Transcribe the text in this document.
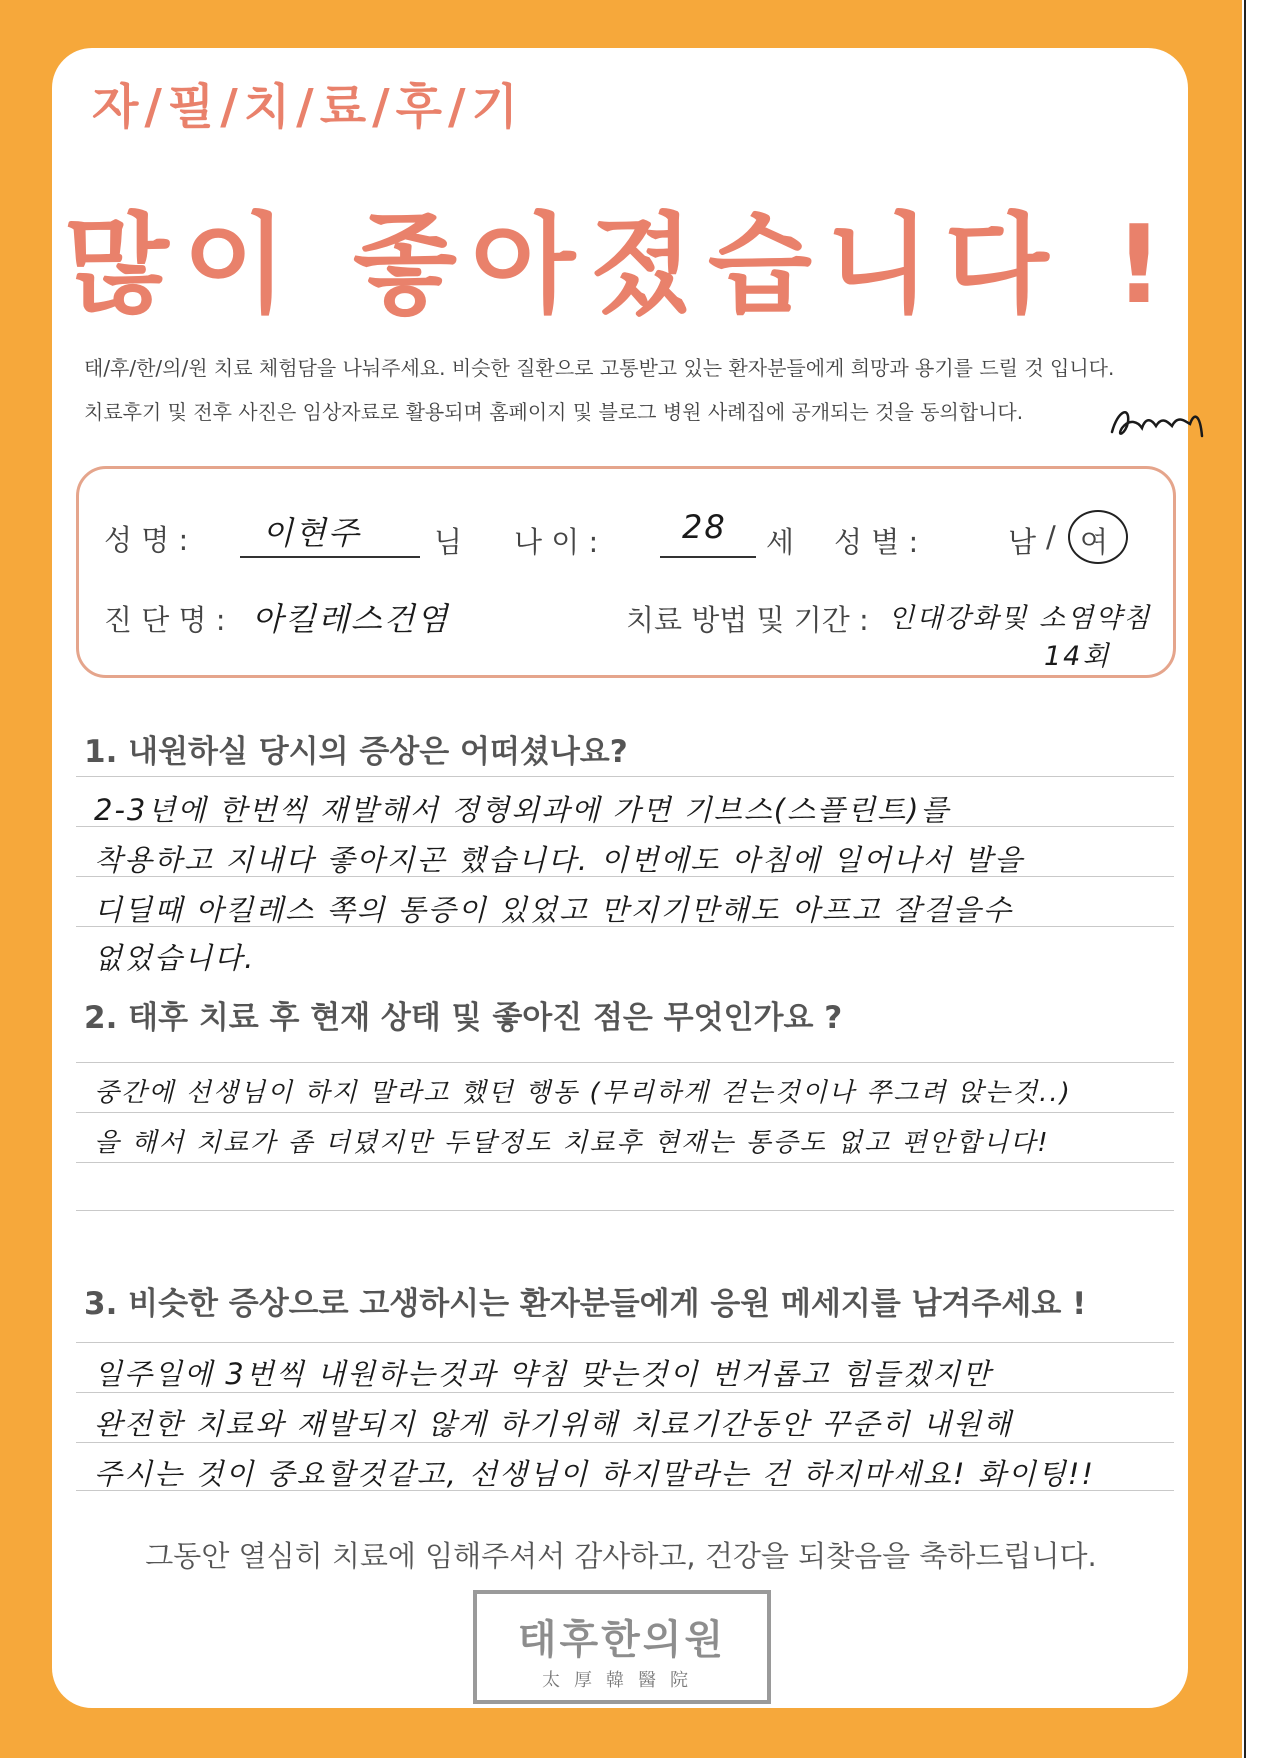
자/필/치/료/후/기
많이 좋아졌습니다 !
태/후/한/의/원 치료 체험담을 나눠주세요. 비슷한 질환으로 고통받고 있는 환자분들에게 희망과 용기를 드릴 것 입니다.
치료후기 및 전후 사진은 임상자료로 활용되며 홈페이지 및 블로그 병원 사례집에 공개되는 것을 동의합니다.
성 명 : 이현주	님 나 이 :	28 세 성 별 :	남 / 여
진 단 명 : 아킬레스건염	치료 방법 및 기간 : 인대강화및 소염약침
14회
1. 내원하실 당시의 증상은 어떠셨나요?
2-3년에 한번씩 재발해서 정형외과에 가면 기브스(스플린트)를
착용하고 지내다 좋아지곤 했습니다. 이번에도 아침에 일어나서 발을
디딜때 아킬레스 쪽의 통증이 있었고 만지기만해도 아프고 잘걸을수
없었습니다.
2. 태후 치료 후 현재 상태 및 좋아진 점은 무엇인가요 ?
중간에 선생님이 하지 말라고 했던 행동 (무리하게 걷는것이나 쭈그려 앉는것..)
을 해서 치료가 좀 더뎠지만 두달정도 치료후 현재는 통증도 없고 편안합니다!
3. 비슷한 증상으로 고생하시는 환자분들에게 응원 메세지를 남겨주세요 !
일주일에 3번씩 내원하는것과 약침 맞는것이 번거롭고 힘들겠지만
완전한 치료와 재발되지 않게 하기위해 치료기간동안 꾸준히 내원해
주시는 것이 중요할것같고, 선생님이 하지말라는 건 하지마세요! 화이팅!!
그동안 열심히 치료에 임해주셔서 감사하고, 건강을 되찾음을 축하드립니다.
태후한의원
太厚韓醫院
